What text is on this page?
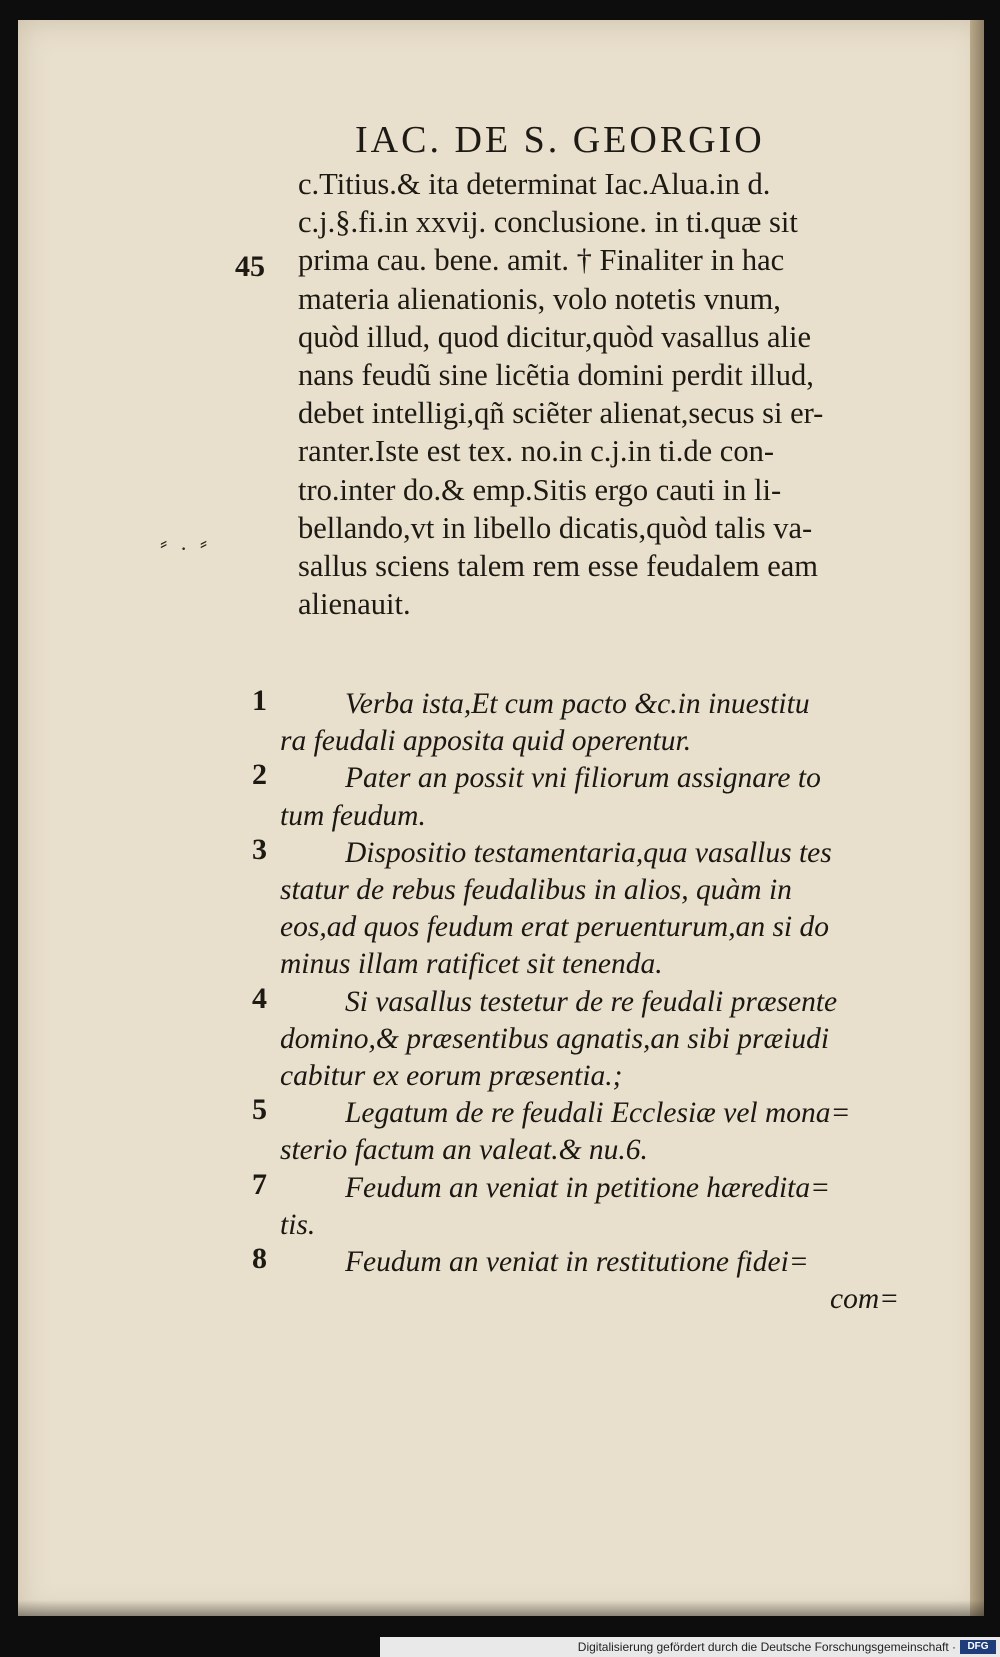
IAC. DE S. GEORGIO
45
⸗ . ⸗
c.Titius.& ita determinat Iac.Alua.in d.
c.j.§.fi.in xxvij. conclusione. in ti.quæ sit
prima cau. bene. amit. † Finaliter in hac
materia alienationis, volo notetis vnum,
quòd illud, quod dicitur,quòd vasallus alie
nans feudũ sine licẽtia domini perdit illud,
debet intelligi,qñ sciẽter alienat,secus si er-
ranter.Iste est tex. no.in c.j.in ti.de con-
tro.inter do.& emp.Sitis ergo cauti in li-
bellando,vt in libello dicatis,quòd talis va-
sallus sciens talem rem esse feudalem eam
alienauit.
1	Verba ista,Et cum pacto &c.in inuestitu
ra feudali apposita quid operentur.
2	Pater an possit vni filiorum assignare to
tum feudum.
3	Dispositio testamentaria,qua vasallus tes
statur de rebus feudalibus in alios, quàm in
eos,ad quos feudum erat peruenturum,an si do
minus illam ratificet sit tenenda.
4	Si vasallus testetur de re feudali præsente
domino,& præsentibus agnatis,an sibi præiudi
cabitur ex eorum præsentia.;
5	Legatum de re feudali Ecclesiæ vel mona=
sterio factum an valeat.& nu.6.
7	Feudum an veniat in petitione hæredita=
tis.
8	Feudum an veniat in restitutione fidei=
com=
Digitalisierung gefördert durch die Deutsche Forschungsgemeinschaft ·	DFG
